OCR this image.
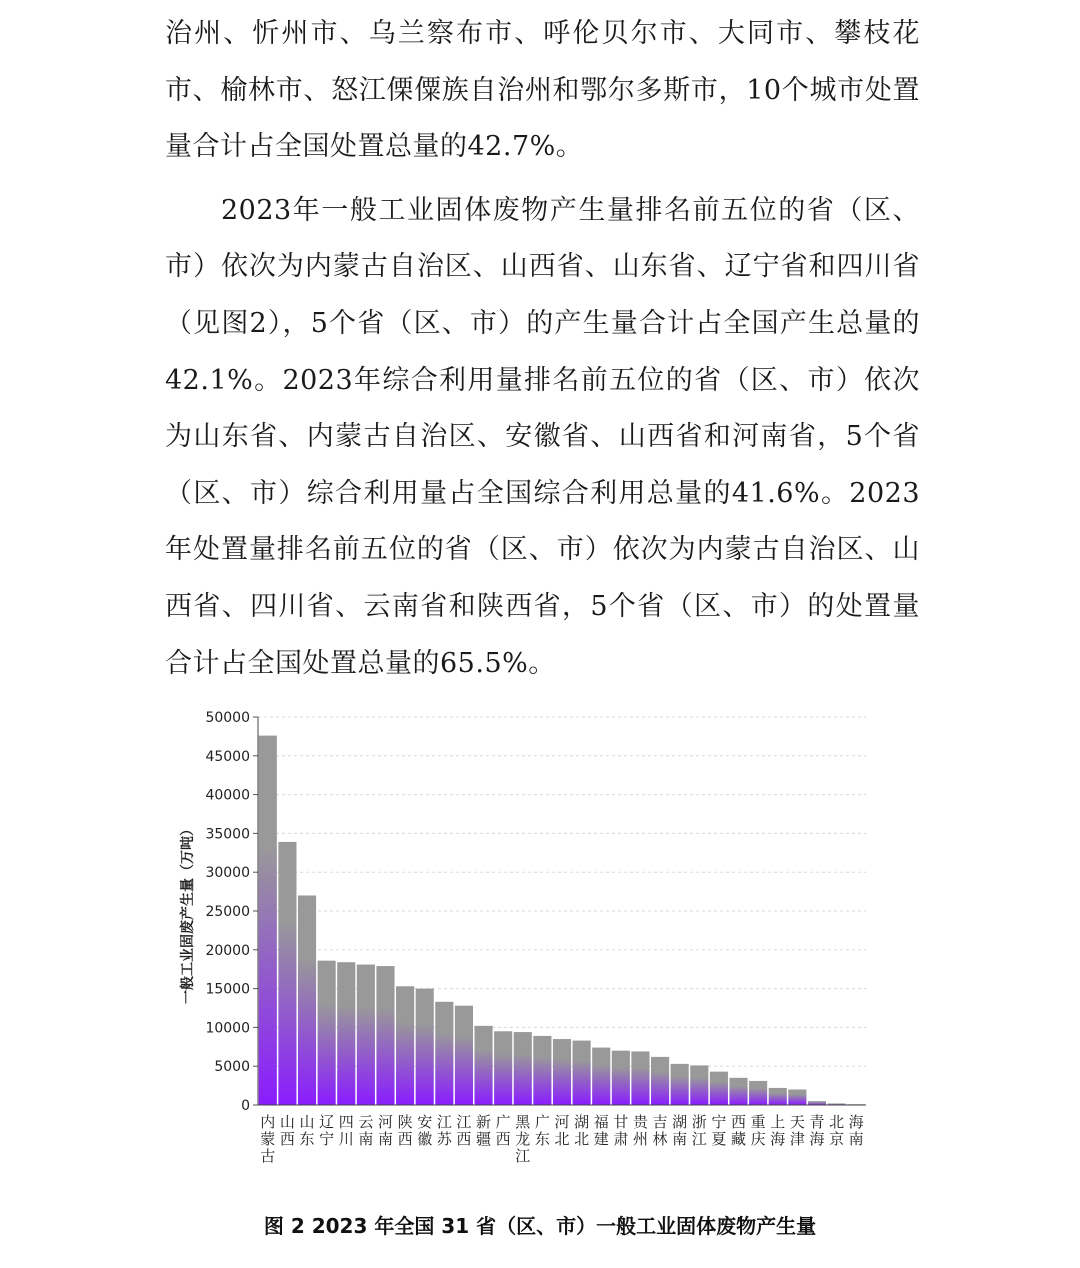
治州、忻州市、乌兰察布市、呼伦贝尔市、大同市、攀枝花市、榆林市、怒江傈僳族自治州和鄂尔多斯市，10个城市处置量合计占全国处置总量的42.7%。

2023年一般工业固体废物产生量排名前五位的省（区、市）依次为内蒙古自治区、山西省、山东省、辽宁省和四川省（见图2），5个省（区、市）的产生量合计占全国产生总量的42.1%。2023年综合利用量排名前五位的省（区、市）依次为山东省、内蒙古自治区、安徽省、山西省和河南省，5个省（区、市）综合利用量占全国综合利用总量的41.6%。2023年处置量排名前五位的省（区、市）依次为内蒙古自治区、山西省、四川省、云南省和陕西省，5个省（区、市）的处置量合计占全国处置总量的65.5%。

0
5000
10000
15000
20000
25000
30000
35000
40000
45000
50000
内蒙古
山西
山东
辽宁
四川
云南
河南
陕西
安徽
江苏
江西
新疆
广西
黑龙江
广东
河北
湖北
福建
甘肃
贵州
吉林
湖南
浙江
宁夏
西藏
重庆
上海
天津
青海
北京
海南
一般工业固废产生量（万吨）
图 2 2023 年全国 31 省（区、市）一般工业固体废物产生量
